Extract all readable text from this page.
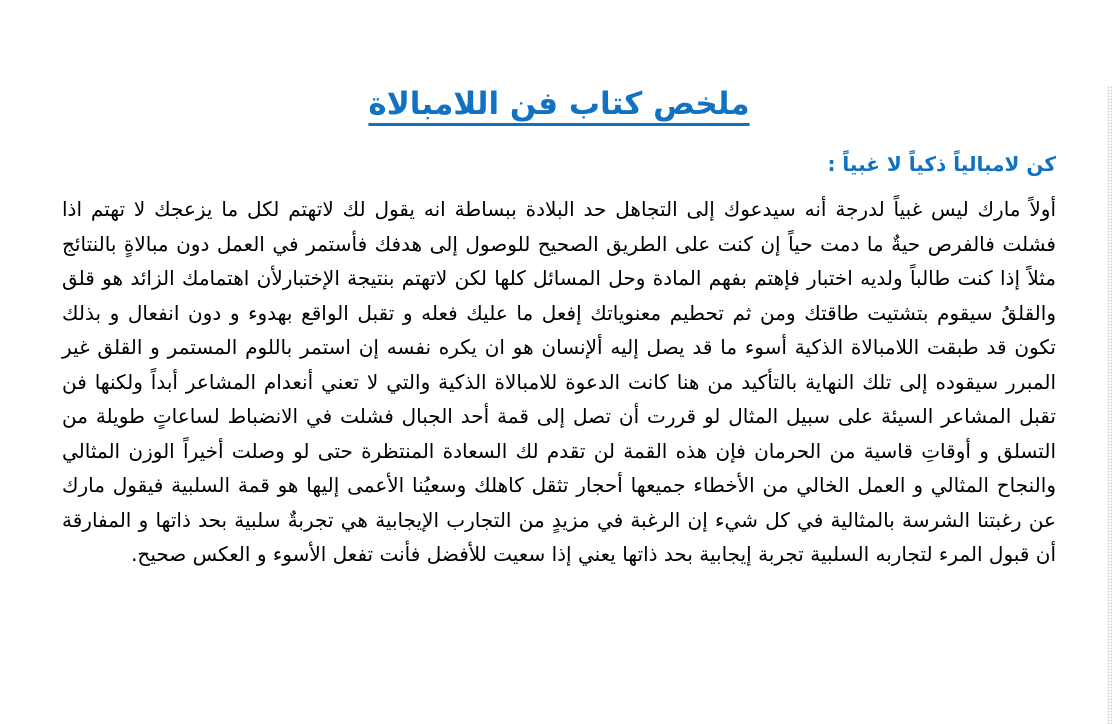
ملخص كتاب فن اللامبالاة
كن لامبالياً ذكياً لا غبياً :

أولاً مارك ليس غبياً لدرجة أنه سيدعوك إلى التجاهل حد البلادة ببساطة انه يقول لك لاتهتم لكل ما يزعجك لا تهتم اذا فشلت فالفرص حيةٌ ما دمت حياً إن كنت على الطريق الصحيح للوصول إلى هدفك فأستمر في العمل دون مبالاةٍ بالنتائج مثلاً إذا كنت طالباً ولديه اختبار فإهتم بفهم المادة وحل المسائل كلها لكن لاتهتم بنتيجة الإختبارلأن اهتمامك الزائد هو قلق والقلقُ سيقوم بتشتيت طاقتك ومن ثم تحطيم معنوياتك إفعل ما عليك فعله و تقبل الواقع بهدوء و دون انفعال و بذلك تكون قد طبقت اللامبالاة الذكية أسوء ما قد يصل إليه ألإنسان هو ان يكره نفسه إن استمر باللوم المستمر و القلق غير المبرر سيقوده إلى تلك النهاية بالتأكيد من هنا كانت الدعوة للامبالاة الذكية والتي لا تعني أنعدام المشاعر أبداً ولكنها فن تقبل المشاعر السيئة على سبيل المثال لو قررت أن تصل إلى قمة أحد الجبال فشلت في الانضباط لساعاتٍ طويلة من التسلق و أوقاتِ قاسية من الحرمان فإن هذه القمة لن تقدم لك السعادة المنتظرة حتى لو وصلت أخيراً الوزن المثالي والنجاح المثالي و العمل الخالي من الأخطاء جميعها أحجار تثقل كاهلك وسعيُنا الأعمى إليها هو قمة السلبية فيقول مارك عن رغبتنا الشرسة بالمثالية في كل شيء إن الرغبة في مزيدٍ من التجارب الإيجابية هي تجربةٌ سلبية بحد ذاتها و المفارقة أن قبول المرء لتجاربه السلبية تجربة إيجابية بحد ذاتها يعني إذا سعيت للأفضل فأنت تفعل الأسوء و العكس صحيح.
